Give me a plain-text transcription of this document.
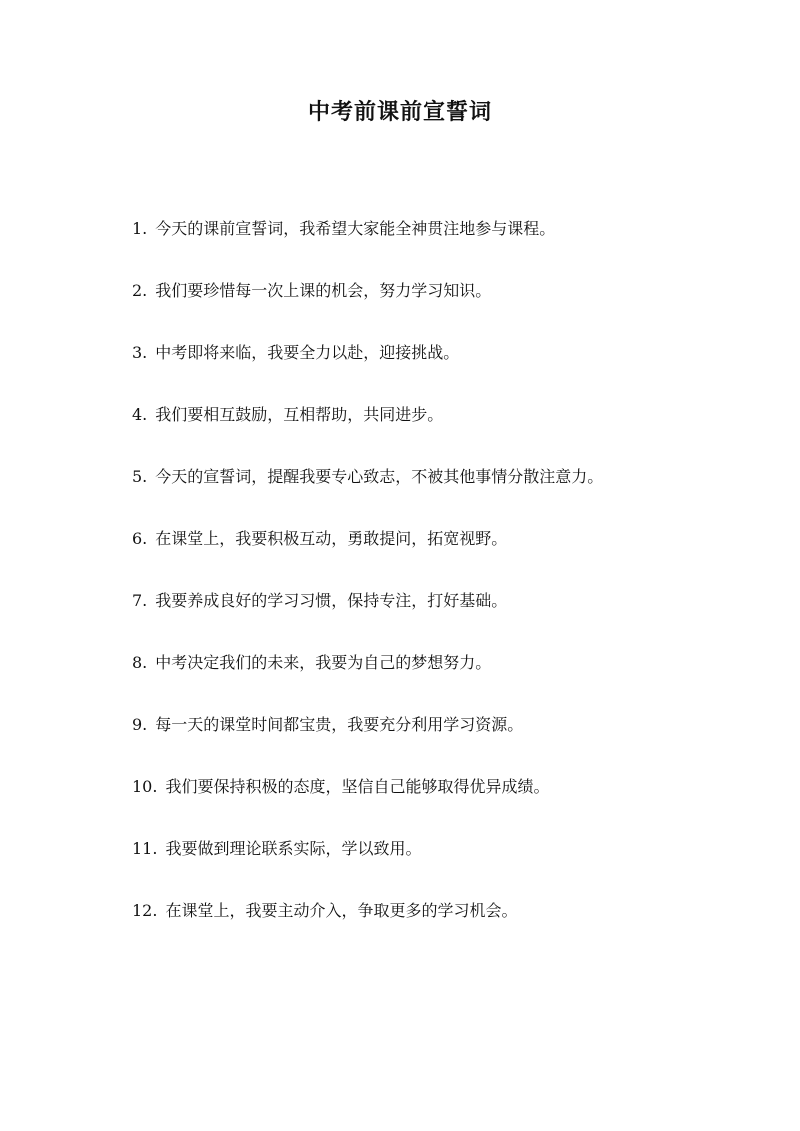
中考前课前宣誓词
1. 今天的课前宣誓词，我希望大家能全神贯注地参与课程。
2. 我们要珍惜每一次上课的机会，努力学习知识。
3. 中考即将来临，我要全力以赴，迎接挑战。
4. 我们要相互鼓励，互相帮助，共同进步。
5. 今天的宣誓词，提醒我要专心致志，不被其他事情分散注意力。
6. 在课堂上，我要积极互动，勇敢提问，拓宽视野。
7. 我要养成良好的学习习惯，保持专注，打好基础。
8. 中考决定我们的未来，我要为自己的梦想努力。
9. 每一天的课堂时间都宝贵，我要充分利用学习资源。
10. 我们要保持积极的态度，坚信自己能够取得优异成绩。
11. 我要做到理论联系实际，学以致用。
12. 在课堂上，我要主动介入，争取更多的学习机会。
